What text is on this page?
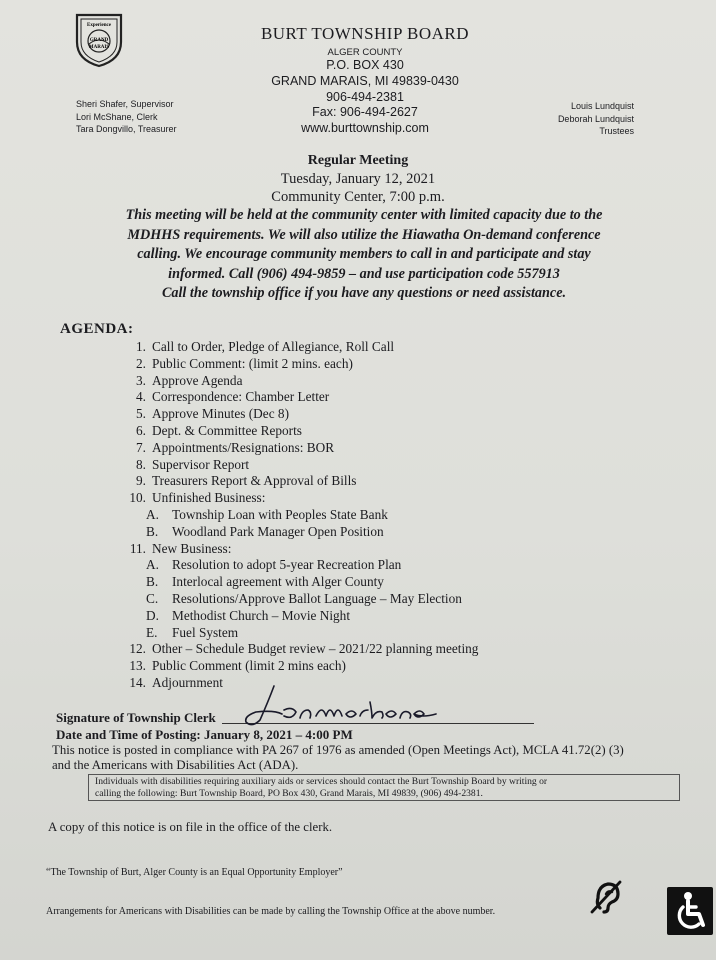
Experience
GRAND
MARAIS
BURT TOWNSHIP BOARD
ALGER COUNTY
P.O. BOX 430
GRAND MARAIS, MI 49839-0430
906-494-2381
Fax: 906-494-2627
www.burttownship.com
Sheri Shafer, Supervisor
Lori McShane, Clerk
Tara Dongvillo, Treasurer
Louis Lundquist
Deborah Lundquist
Trustees
Regular Meeting
Tuesday, January 12, 2021
Community Center, 7:00 p.m.
This meeting will be held at the community center with limited capacity due to the
MDHHS requirements. We will also utilize the Hiawatha On-demand conference
calling. We encourage community members to call in and participate and stay
informed. Call (906) 494-9859 – and use participation code 557913
Call the township office if you have any questions or need assistance.
AGENDA:
1. Call to Order, Pledge of Allegiance, Roll Call
2. Public Comment: (limit 2 mins. each)
3. Approve Agenda
4. Correspondence: Chamber Letter
5. Approve Minutes (Dec 8)
6. Dept. & Committee Reports
7. Appointments/Resignations: BOR
8. Supervisor Report
9. Treasurers Report & Approval of Bills
10. Unfinished Business:
A. Township Loan with Peoples State Bank
B. Woodland Park Manager Open Position
11. New Business:
A. Resolution to adopt 5-year Recreation Plan
B. Interlocal agreement with Alger County
C. Resolutions/Approve Ballot Language – May Election
D. Methodist Church – Movie Night
E. Fuel System
12. Other – Schedule Budget review – 2021/22 planning meeting
13. Public Comment (limit 2 mins each)
14. Adjournment
Signature of Township Clerk
Date and Time of Posting: January 8, 2021 – 4:00 PM
This notice is posted in compliance with PA 267 of 1976 as amended (Open Meetings Act), MCLA 41.72(2) (3)
and the Americans with Disabilities Act (ADA).
Individuals with disabilities requiring auxiliary aids or services should contact the Burt Township Board by writing or
calling the following: Burt Township Board, PO Box 430, Grand Marais, MI 49839, (906) 494-2381.
A copy of this notice is on file in the office of the clerk.
“The Township of Burt, Alger County is an Equal Opportunity Employer”
Arrangements for Americans with Disabilities can be made by calling the Township Office at the above number.
